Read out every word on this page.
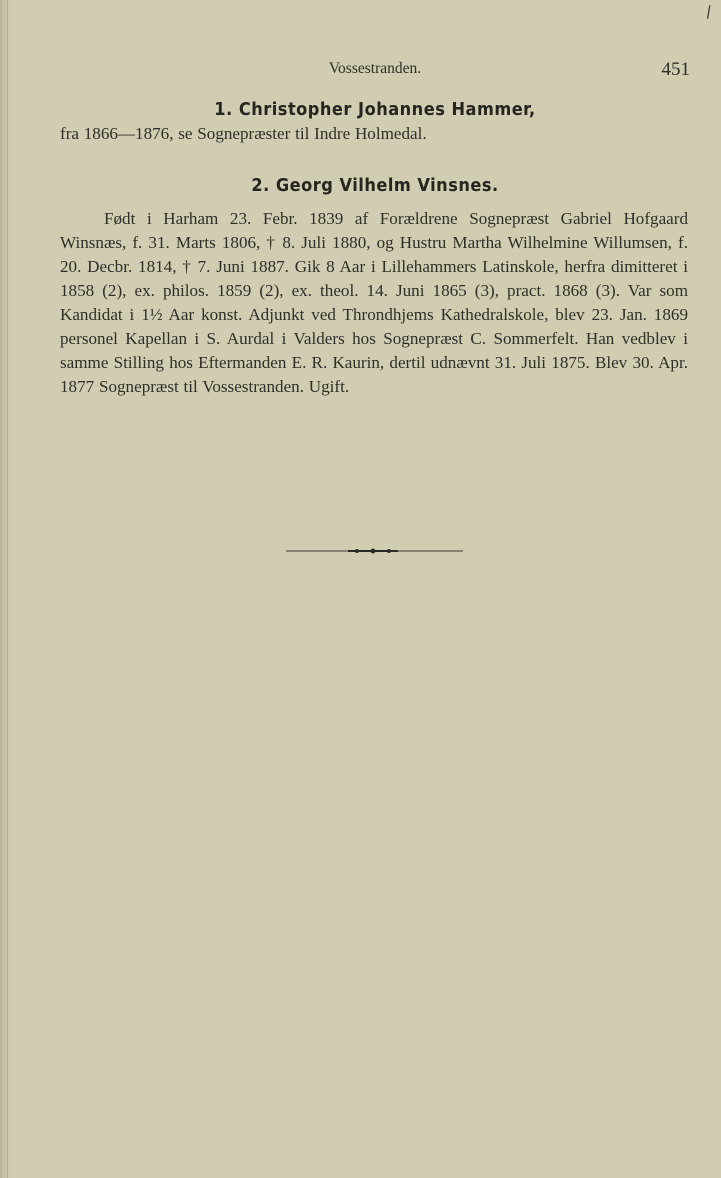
/
Vossestranden.	451
1. Christopher Johannes Hammer,
fra 1866—1876, se Sognepræster til Indre Holmedal.
2. Georg Vilhelm Vinsnes.

Født i Harham 23. Febr. 1839 af Forældrene Sognepræst Gabriel Hofgaard Winsnæs, f. 31. Marts 1806, † 8. Juli 1880, og Hustru Martha Wilhelmine Willumsen, f. 20. Decbr. 1814, † 7. Juni 1887. Gik 8 Aar i Lillehammers Latinskole, herfra dimitteret i 1858 (2), ex. philos. 1859 (2), ex. theol. 14. Juni 1865 (3), pract. 1868 (3). Var som Kandidat i 1½ Aar konst. Adjunkt ved Throndhjems Kathedralskole, blev 23. Jan. 1869 personel Kapellan i S. Aurdal i Valders hos Sognepræst C. Sommerfelt. Han vedblev i samme Stilling hos Eftermanden E. R. Kaurin, dertil udnævnt 31. Juli 1875. Blev 30. Apr. 1877 Sognepræst til Vossestranden. Ugift.
